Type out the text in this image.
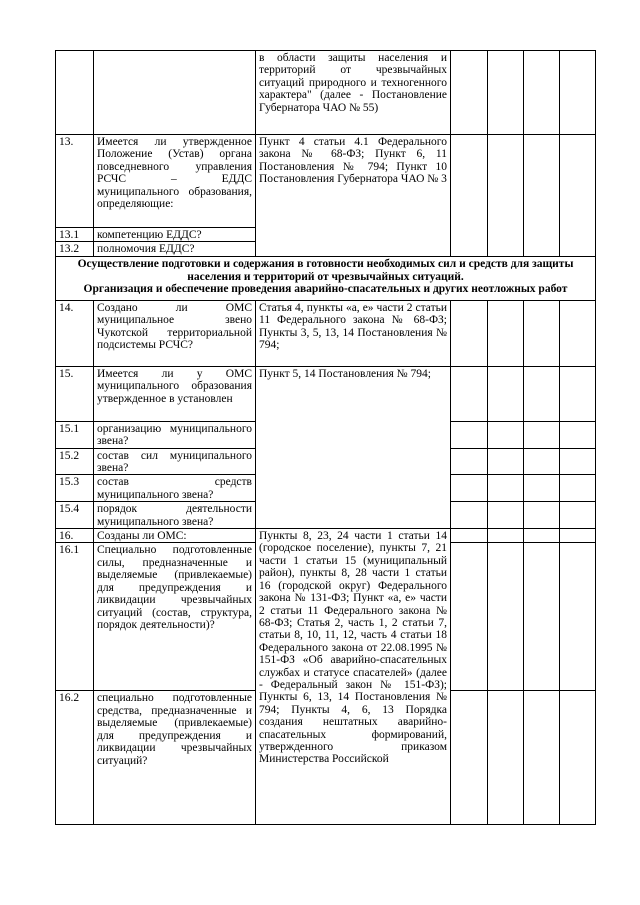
		в области защиты населения и территорий от чрезвычайных ситуаций природного и техногенного характера" (далее - Постановление Губернатора ЧАО № 55)				
13.	Имеется ли утвержденное Положение (Устав) органа повседневного управления РСЧС – ЕДДС муниципального образования, определяющие:	Пункт 4 статьи 4.1 Федерального закона № 68-ФЗ; Пункт 6, 11 Постановления № 794; Пункт 10 Постановления Губернатора ЧАО № 3				
13.1	компетенцию ЕДДС?					
13.2	полномочия ЕДДС?					
Осуществление подготовки и содержания в готовности необходимых сил и средств для защиты населения и территорий от чрезвычайных ситуаций.
Организация и обеспечение проведения аварийно-спасательных и других неотложных работ						
14.	Создано ли ОМС муниципальное звено Чукотской территориальной подсистемы РСЧС?	Статья 4, пункты «а, е» части 2 статьи 11 Федерального закона № 68-ФЗ; Пункты 3, 5, 13, 14 Постановления № 794;				
15.	Имеется ли у ОМС муниципального образования утвержденное в установлен	Пункт 5, 14 Постановления № 794;				
15.1	организацию муниципального звена?					
15.2	состав сил муниципального звена?					
15.3	состав средств муниципального звена?					
15.4	порядок деятельности муниципального звена?					
16.	Созданы ли ОМС:	Пункты 8, 23, 24 части 1 статьи 14 (городское поселение), пункты 7, 21 части 1 статьи 15 (муниципальный район), пункты 8, 28 части 1 статьи 16 (городской округ) Федерального закона № 131-ФЗ; Пункт «а, е» части 2 статьи 11 Федерального закона № 68-ФЗ; Статья 2, часть 1, 2 статьи 7, статьи 8, 10, 11, 12, часть 4 статьи 18 Федерального закона от 22.08.1995 № 151-ФЗ «Об аварийно-спасательных службах и статусе спасателей» (далее - Федеральный закон № 151-ФЗ); Пункты 6, 13, 14 Постановления № 794; Пункты 4, 6, 13 Порядка создания нештатных аварийно-спасательных формирований, утвержденного приказом Министерства Российской				
16.1	Специально подготовленные силы, предназначенные и выделяемые (привлекаемые) для предупреждения и ликвидации чрезвычайных ситуаций (состав, структура, порядок деятельности)?					
16.2	специально подготовленные средства, предназначенные и выделяемые (привлекаемые) для предупреждения и ликвидации чрезвычайных ситуаций?					
